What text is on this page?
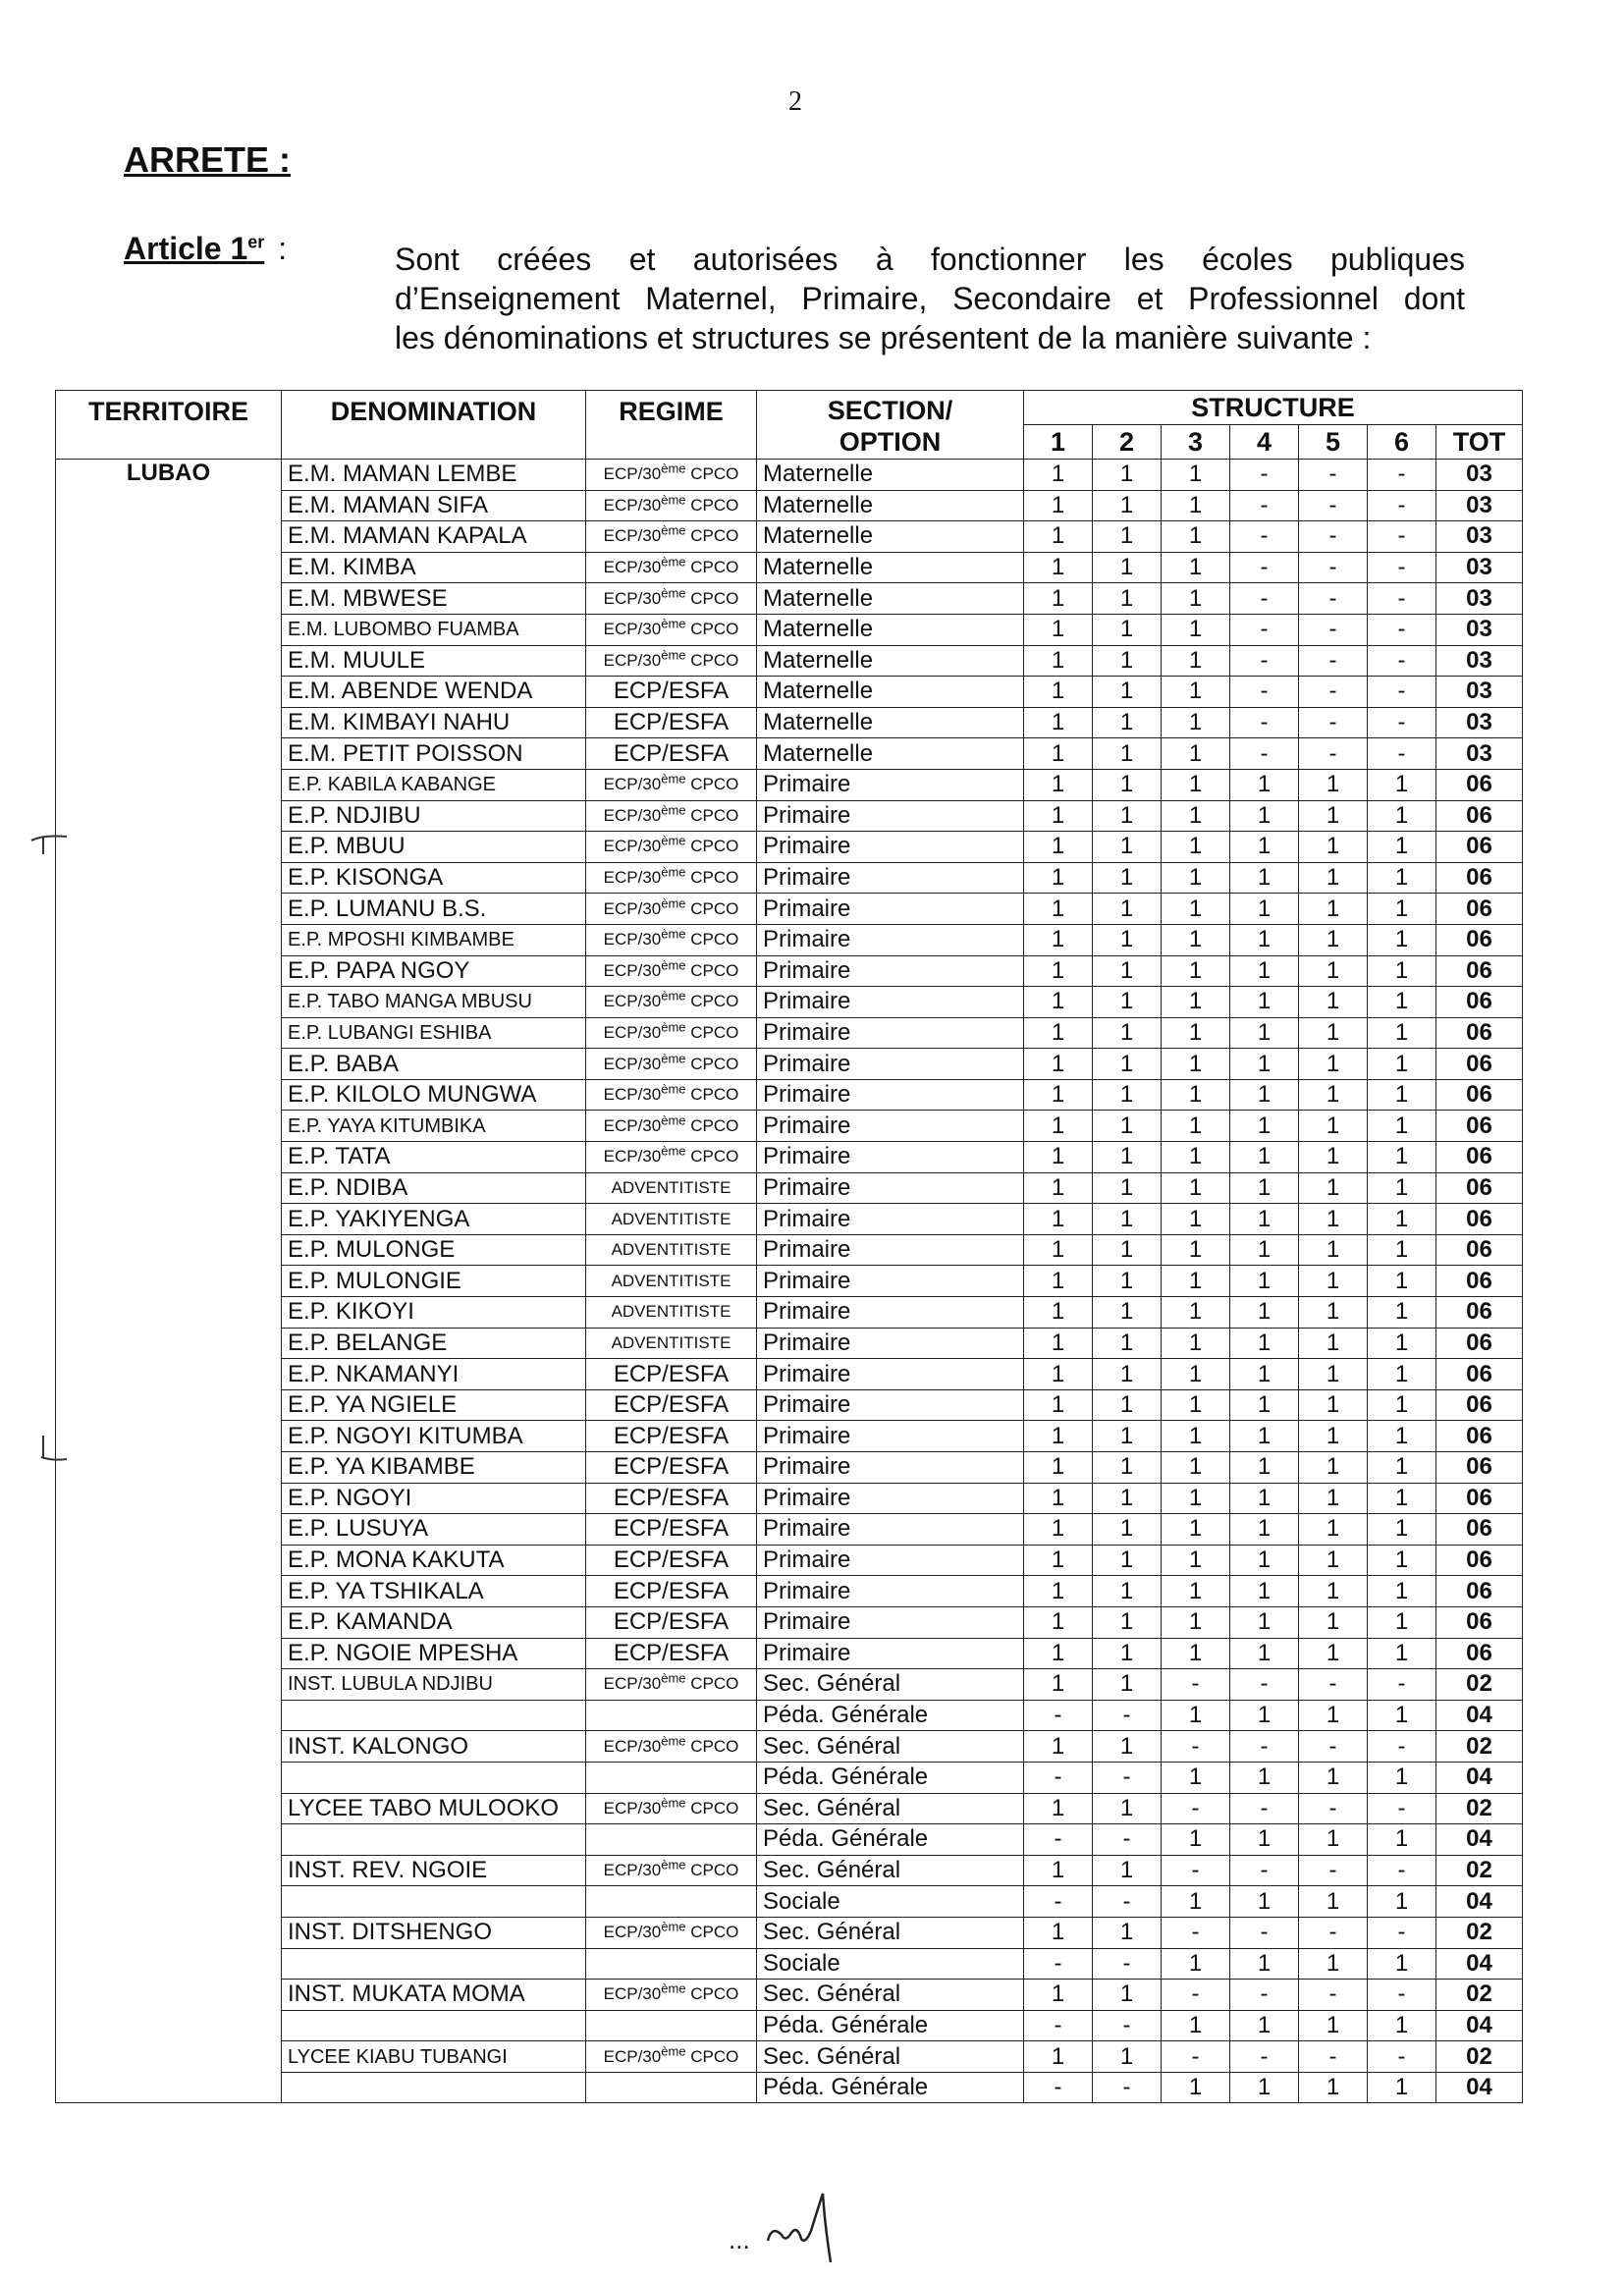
2
ARRETE :
Article 1er :	Sont créées et autorisées à fonctionner les écoles publiques
d’Enseignement Maternel, Primaire, Secondaire et Professionnel dont
les dénominations et structures se présentent de la manière suivante :
TERRITOIRE	DENOMINATION	REGIME	SECTION/
OPTION	STRUCTURE						
				1	2	3	4	5	6	TOT
LUBAO	E.M. MAMAN LEMBE	ECP/30ème CPCO	Maternelle	1	1	1	-	-	-	03
	E.M. MAMAN SIFA	ECP/30ème CPCO	Maternelle	1	1	1	-	-	-	03
	E.M. MAMAN KAPALA	ECP/30ème CPCO	Maternelle	1	1	1	-	-	-	03
	E.M. KIMBA	ECP/30ème CPCO	Maternelle	1	1	1	-	-	-	03
	E.M. MBWESE	ECP/30ème CPCO	Maternelle	1	1	1	-	-	-	03
	E.M. LUBOMBO FUAMBA	ECP/30ème CPCO	Maternelle	1	1	1	-	-	-	03
	E.M. MUULE	ECP/30ème CPCO	Maternelle	1	1	1	-	-	-	03
	E.M. ABENDE WENDA	ECP/ESFA	Maternelle	1	1	1	-	-	-	03
	E.M. KIMBAYI NAHU	ECP/ESFA	Maternelle	1	1	1	-	-	-	03
	E.M. PETIT POISSON	ECP/ESFA	Maternelle	1	1	1	-	-	-	03
	E.P. KABILA KABANGE	ECP/30ème CPCO	Primaire	1	1	1	1	1	1	06
	E.P. NDJIBU	ECP/30ème CPCO	Primaire	1	1	1	1	1	1	06
	E.P. MBUU	ECP/30ème CPCO	Primaire	1	1	1	1	1	1	06
	E.P. KISONGA	ECP/30ème CPCO	Primaire	1	1	1	1	1	1	06
	E.P. LUMANU B.S.	ECP/30ème CPCO	Primaire	1	1	1	1	1	1	06
	E.P. MPOSHI KIMBAMBE	ECP/30ème CPCO	Primaire	1	1	1	1	1	1	06
	E.P. PAPA NGOY	ECP/30ème CPCO	Primaire	1	1	1	1	1	1	06
	E.P. TABO MANGA MBUSU	ECP/30ème CPCO	Primaire	1	1	1	1	1	1	06
	E.P. LUBANGI ESHIBA	ECP/30ème CPCO	Primaire	1	1	1	1	1	1	06
	E.P. BABA	ECP/30ème CPCO	Primaire	1	1	1	1	1	1	06
	E.P. KILOLO MUNGWA	ECP/30ème CPCO	Primaire	1	1	1	1	1	1	06
	E.P. YAYA KITUMBIKA	ECP/30ème CPCO	Primaire	1	1	1	1	1	1	06
	E.P. TATA	ECP/30ème CPCO	Primaire	1	1	1	1	1	1	06
	E.P. NDIBA	ADVENTITISTE	Primaire	1	1	1	1	1	1	06
	E.P. YAKIYENGA	ADVENTITISTE	Primaire	1	1	1	1	1	1	06
	E.P. MULONGE	ADVENTITISTE	Primaire	1	1	1	1	1	1	06
	E.P. MULONGIE	ADVENTITISTE	Primaire	1	1	1	1	1	1	06
	E.P. KIKOYI	ADVENTITISTE	Primaire	1	1	1	1	1	1	06
	E.P. BELANGE	ADVENTITISTE	Primaire	1	1	1	1	1	1	06
	E.P. NKAMANYI	ECP/ESFA	Primaire	1	1	1	1	1	1	06
	E.P. YA NGIELE	ECP/ESFA	Primaire	1	1	1	1	1	1	06
	E.P. NGOYI KITUMBA	ECP/ESFA	Primaire	1	1	1	1	1	1	06
	E.P. YA KIBAMBE	ECP/ESFA	Primaire	1	1	1	1	1	1	06
	E.P. NGOYI	ECP/ESFA	Primaire	1	1	1	1	1	1	06
	E.P. LUSUYA	ECP/ESFA	Primaire	1	1	1	1	1	1	06
	E.P. MONA KAKUTA	ECP/ESFA	Primaire	1	1	1	1	1	1	06
	E.P. YA TSHIKALA	ECP/ESFA	Primaire	1	1	1	1	1	1	06
	E.P. KAMANDA	ECP/ESFA	Primaire	1	1	1	1	1	1	06
	E.P. NGOIE MPESHA	ECP/ESFA	Primaire	1	1	1	1	1	1	06
	INST. LUBULA NDJIBU	ECP/30ème CPCO	Sec. Général	1	1	-	-	-	-	02
			Péda. Générale	-	-	1	1	1	1	04
	INST. KALONGO	ECP/30ème CPCO	Sec. Général	1	1	-	-	-	-	02
			Péda. Générale	-	-	1	1	1	1	04
	LYCEE TABO MULOOKO	ECP/30ème CPCO	Sec. Général	1	1	-	-	-	-	02
			Péda. Générale	-	-	1	1	1	1	04
	INST. REV. NGOIE	ECP/30ème CPCO	Sec. Général	1	1	-	-	-	-	02
			Sociale	-	-	1	1	1	1	04
	INST. DITSHENGO	ECP/30ème CPCO	Sec. Général	1	1	-	-	-	-	02
			Sociale	-	-	1	1	1	1	04
	INST. MUKATA MOMA	ECP/30ème CPCO	Sec. Général	1	1	-	-	-	-	02
			Péda. Générale	-	-	1	1	1	1	04
	LYCEE KIABU TUBANGI	ECP/30ème CPCO	Sec. Général	1	1	-	-	-	-	02
			Péda. Générale	-	-	1	1	1	1	04
...
